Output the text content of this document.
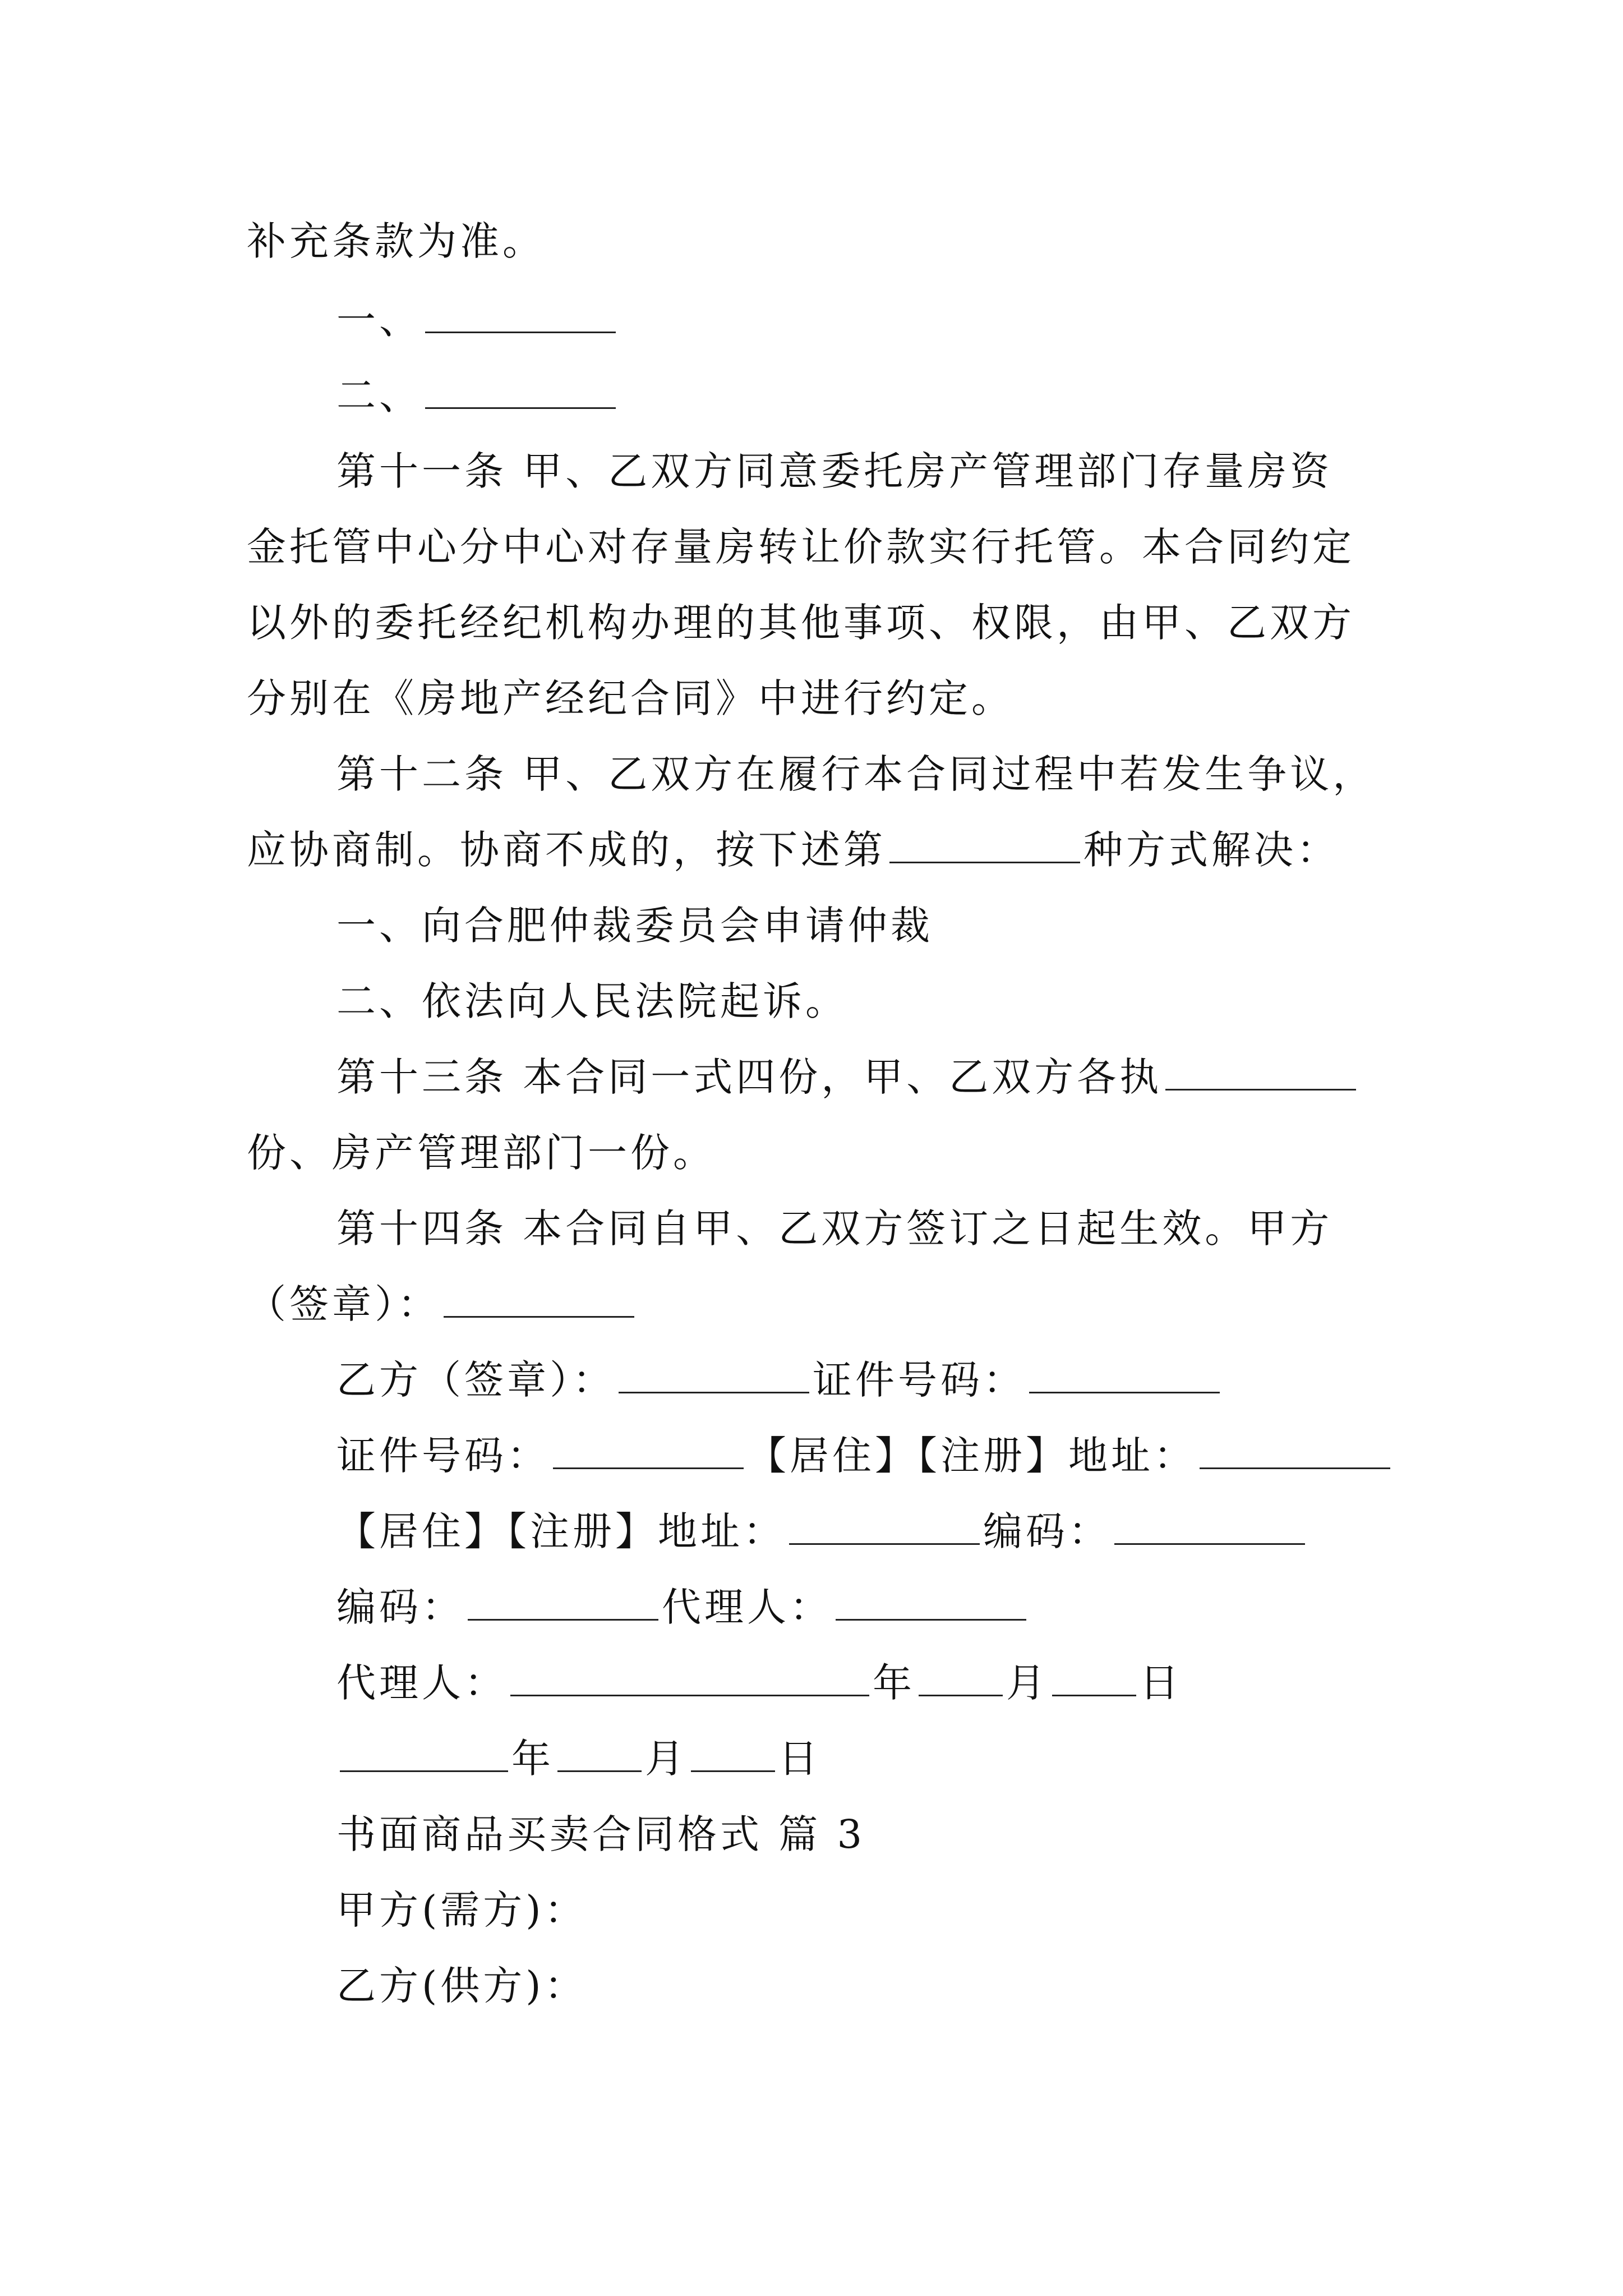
补充条款为准。
一、
二、
第十一条 甲、乙双方同意委托房产管理部门存量房资
金托管中心分中心对存量房转让价款实行托管。本合同约定
以外的委托经纪机构办理的其他事项、权限，由甲、乙双方
分别在《房地产经纪合同》中进行约定。
第十二条 甲、乙双方在履行本合同过程中若发生争议，
应协商制。协商不成的，按下述第	种方式解决：
一、向合肥仲裁委员会申请仲裁
二、依法向人民法院起诉。
第十三条 本合同一式四份，甲、乙双方各执
份、房产管理部门一份。
第十四条 本合同自甲、乙双方签订之日起生效。甲方
（签章）：
乙方（签章）：	证件号码：
证件号码：	【居住】【注册】地址：
【居住】【注册】地址：	编码：
编码：	代理人：
代理人：	年 月 日
年 月 日
书面商品买卖合同格式 篇 3
甲方(需方)：
乙方(供方)：
